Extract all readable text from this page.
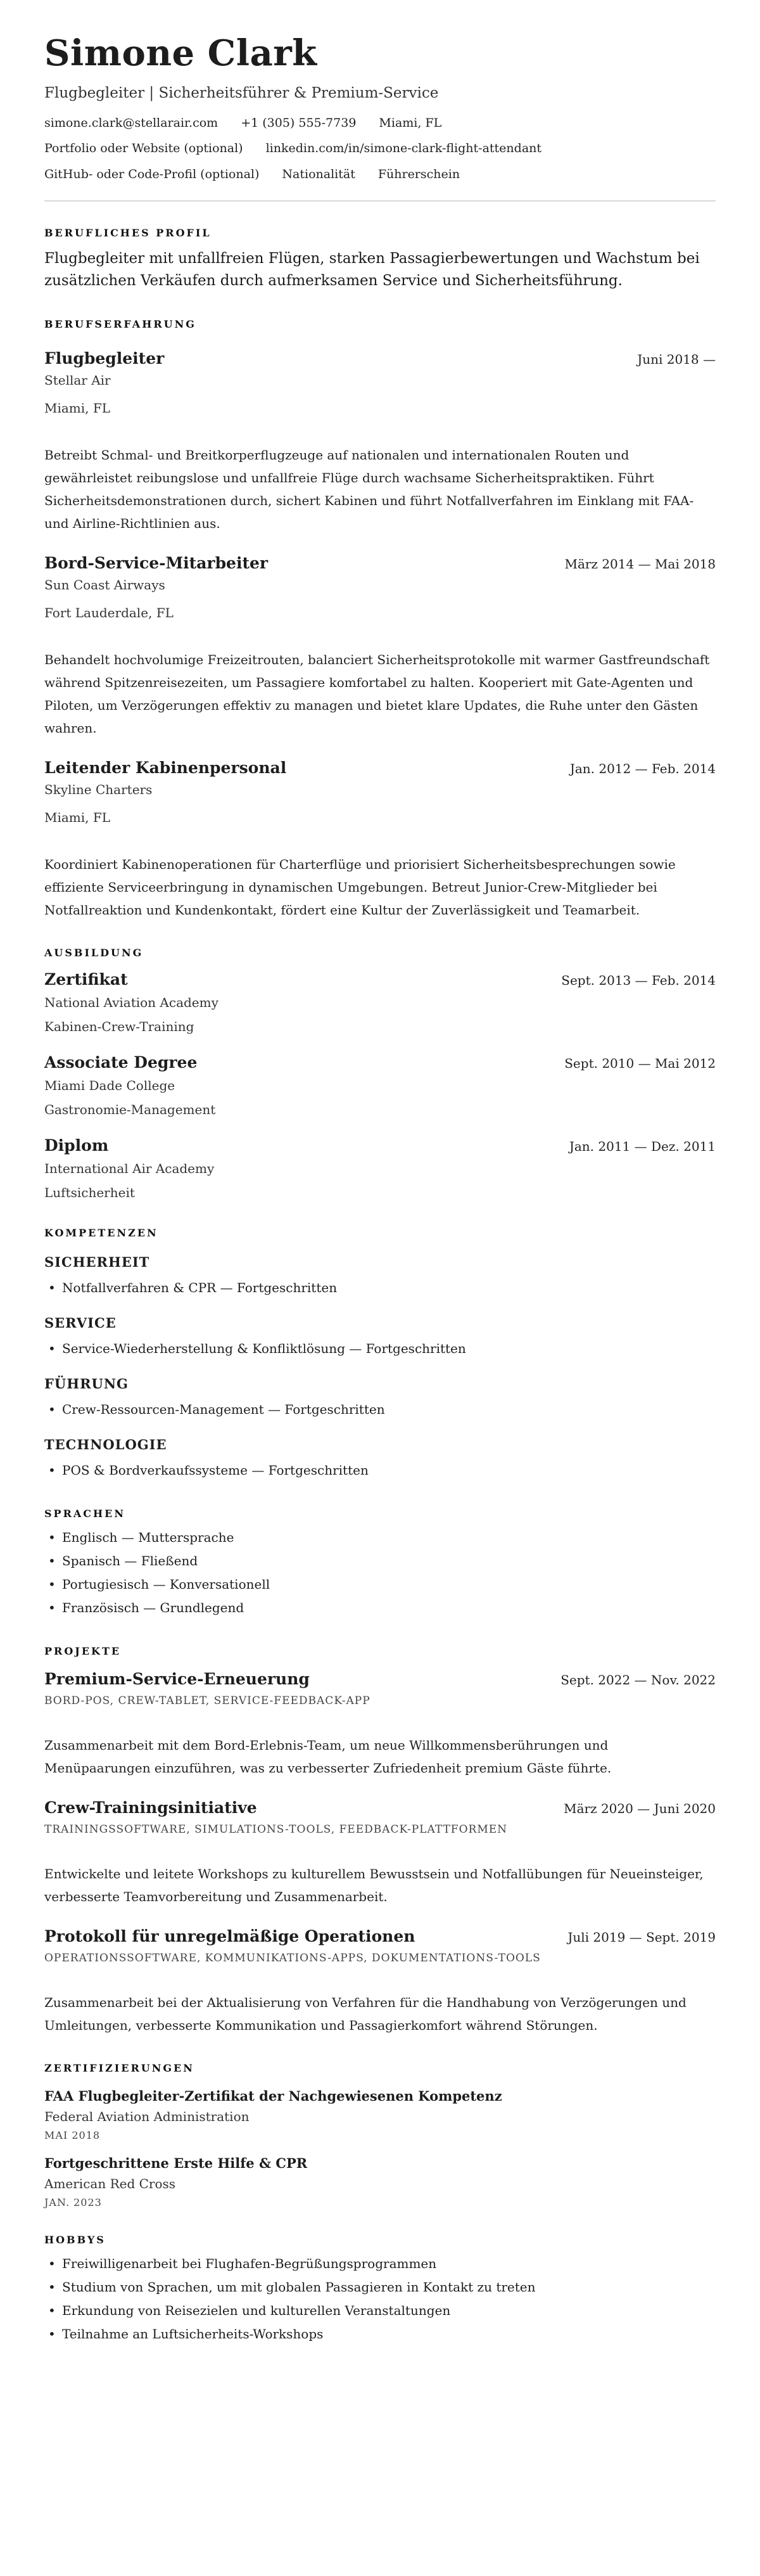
Simone Clark
Flugbegleiter | Sicherheitsführer & Premium-Service
simone.clark@stellarair.com +1 (305) 555-7739 Miami, FL
Portfolio oder Website (optional) linkedin.com/in/simone-clark-flight-attendant
GitHub- oder Code-Profil (optional) Nationalität Führerschein
BERUFLICHES PROFIL

Flugbegleiter mit unfallfreien Flügen, starken Passagierbewertungen und Wachstum bei zusätzlichen Verkäufen durch aufmerksamen Service und Sicherheitsführung.

BERUFSERFAHRUNG
Flugbegleiter	Juni 2018 —
Stellar Air
Miami, FL

Betreibt Schmal- und Breitkorperflugzeuge auf nationalen und internationalen Routen und gewährleistet reibungslose und unfallfreie Flüge durch wachsame Sicherheitspraktiken. Führt Sicherheitsdemonstrationen durch, sichert Kabinen und führt Notfallverfahren im Einklang mit FAA- und Airline-Richtlinien aus.

Bord-Service-Mitarbeiter	März 2014 — Mai 2018
Sun Coast Airways
Fort Lauderdale, FL

Behandelt hochvolumige Freizeitrouten, balanciert Sicherheitsprotokolle mit warmer Gastfreundschaft während Spitzenreisezeiten, um Passagiere komfortabel zu halten. Kooperiert mit Gate-Agenten und Piloten, um Verzögerungen effektiv zu managen und bietet klare Updates, die Ruhe unter den Gästen wahren.

Leitender Kabinenpersonal	Jan. 2012 — Feb. 2014
Skyline Charters
Miami, FL

Koordiniert Kabinenoperationen für Charterflüge und priorisiert Sicherheitsbesprechungen sowie effiziente Serviceerbringung in dynamischen Umgebungen. Betreut Junior-Crew-Mitglieder bei Notfallreaktion und Kundenkontakt, fördert eine Kultur der Zuverlässigkeit und Teamarbeit.

AUSBILDUNG
Zertifikat	Sept. 2013 — Feb. 2014
National Aviation Academy
Kabinen-Crew-Training
Associate Degree	Sept. 2010 — Mai 2012
Miami Dade College
Gastronomie-Management
Diplom	Jan. 2011 — Dez. 2011
International Air Academy
Luftsicherheit
KOMPETENZEN
SICHERHEIT
• Notfallverfahren & CPR — Fortgeschritten
SERVICE
• Service-Wiederherstellung & Konfliktlösung — Fortgeschritten
FÜHRUNG
• Crew-Ressourcen-Management — Fortgeschritten
TECHNOLOGIE
• POS & Bordverkaufssysteme — Fortgeschritten
SPRACHEN
• Englisch — Muttersprache
• Spanisch — Fließend
• Portugiesisch — Konversationell
• Französisch — Grundlegend
PROJEKTE
Premium-Service-Erneuerung	Sept. 2022 — Nov. 2022
BORD-POS, CREW-TABLET, SERVICE-FEEDBACK-APP

Zusammenarbeit mit dem Bord-Erlebnis-Team, um neue Willkommensberührungen und Menüpaarungen einzuführen, was zu verbesserter Zufriedenheit premium Gäste führte.

Crew-Trainingsinitiative	März 2020 — Juni 2020
TRAININGSSOFTWARE, SIMULATIONS-TOOLS, FEEDBACK-PLATTFORMEN

Entwickelte und leitete Workshops zu kulturellem Bewusstsein und Notfallübungen für Neueinsteiger, verbesserte Teamvorbereitung und Zusammenarbeit.

Protokoll für unregelmäßige Operationen	Juli 2019 — Sept. 2019
OPERATIONSSOFTWARE, KOMMUNIKATIONS-APPS, DOKUMENTATIONS-TOOLS

Zusammenarbeit bei der Aktualisierung von Verfahren für die Handhabung von Verzögerungen und Umleitungen, verbesserte Kommunikation und Passagierkomfort während Störungen.

ZERTIFIZIERUNGEN
FAA Flugbegleiter-Zertifikat der Nachgewiesenen Kompetenz
Federal Aviation Administration
MAI 2018
Fortgeschrittene Erste Hilfe & CPR
American Red Cross
JAN. 2023
HOBBYS
• Freiwilligenarbeit bei Flughafen-Begrüßungsprogrammen
• Studium von Sprachen, um mit globalen Passagieren in Kontakt zu treten
• Erkundung von Reisezielen und kulturellen Veranstaltungen
• Teilnahme an Luftsicherheits-Workshops
